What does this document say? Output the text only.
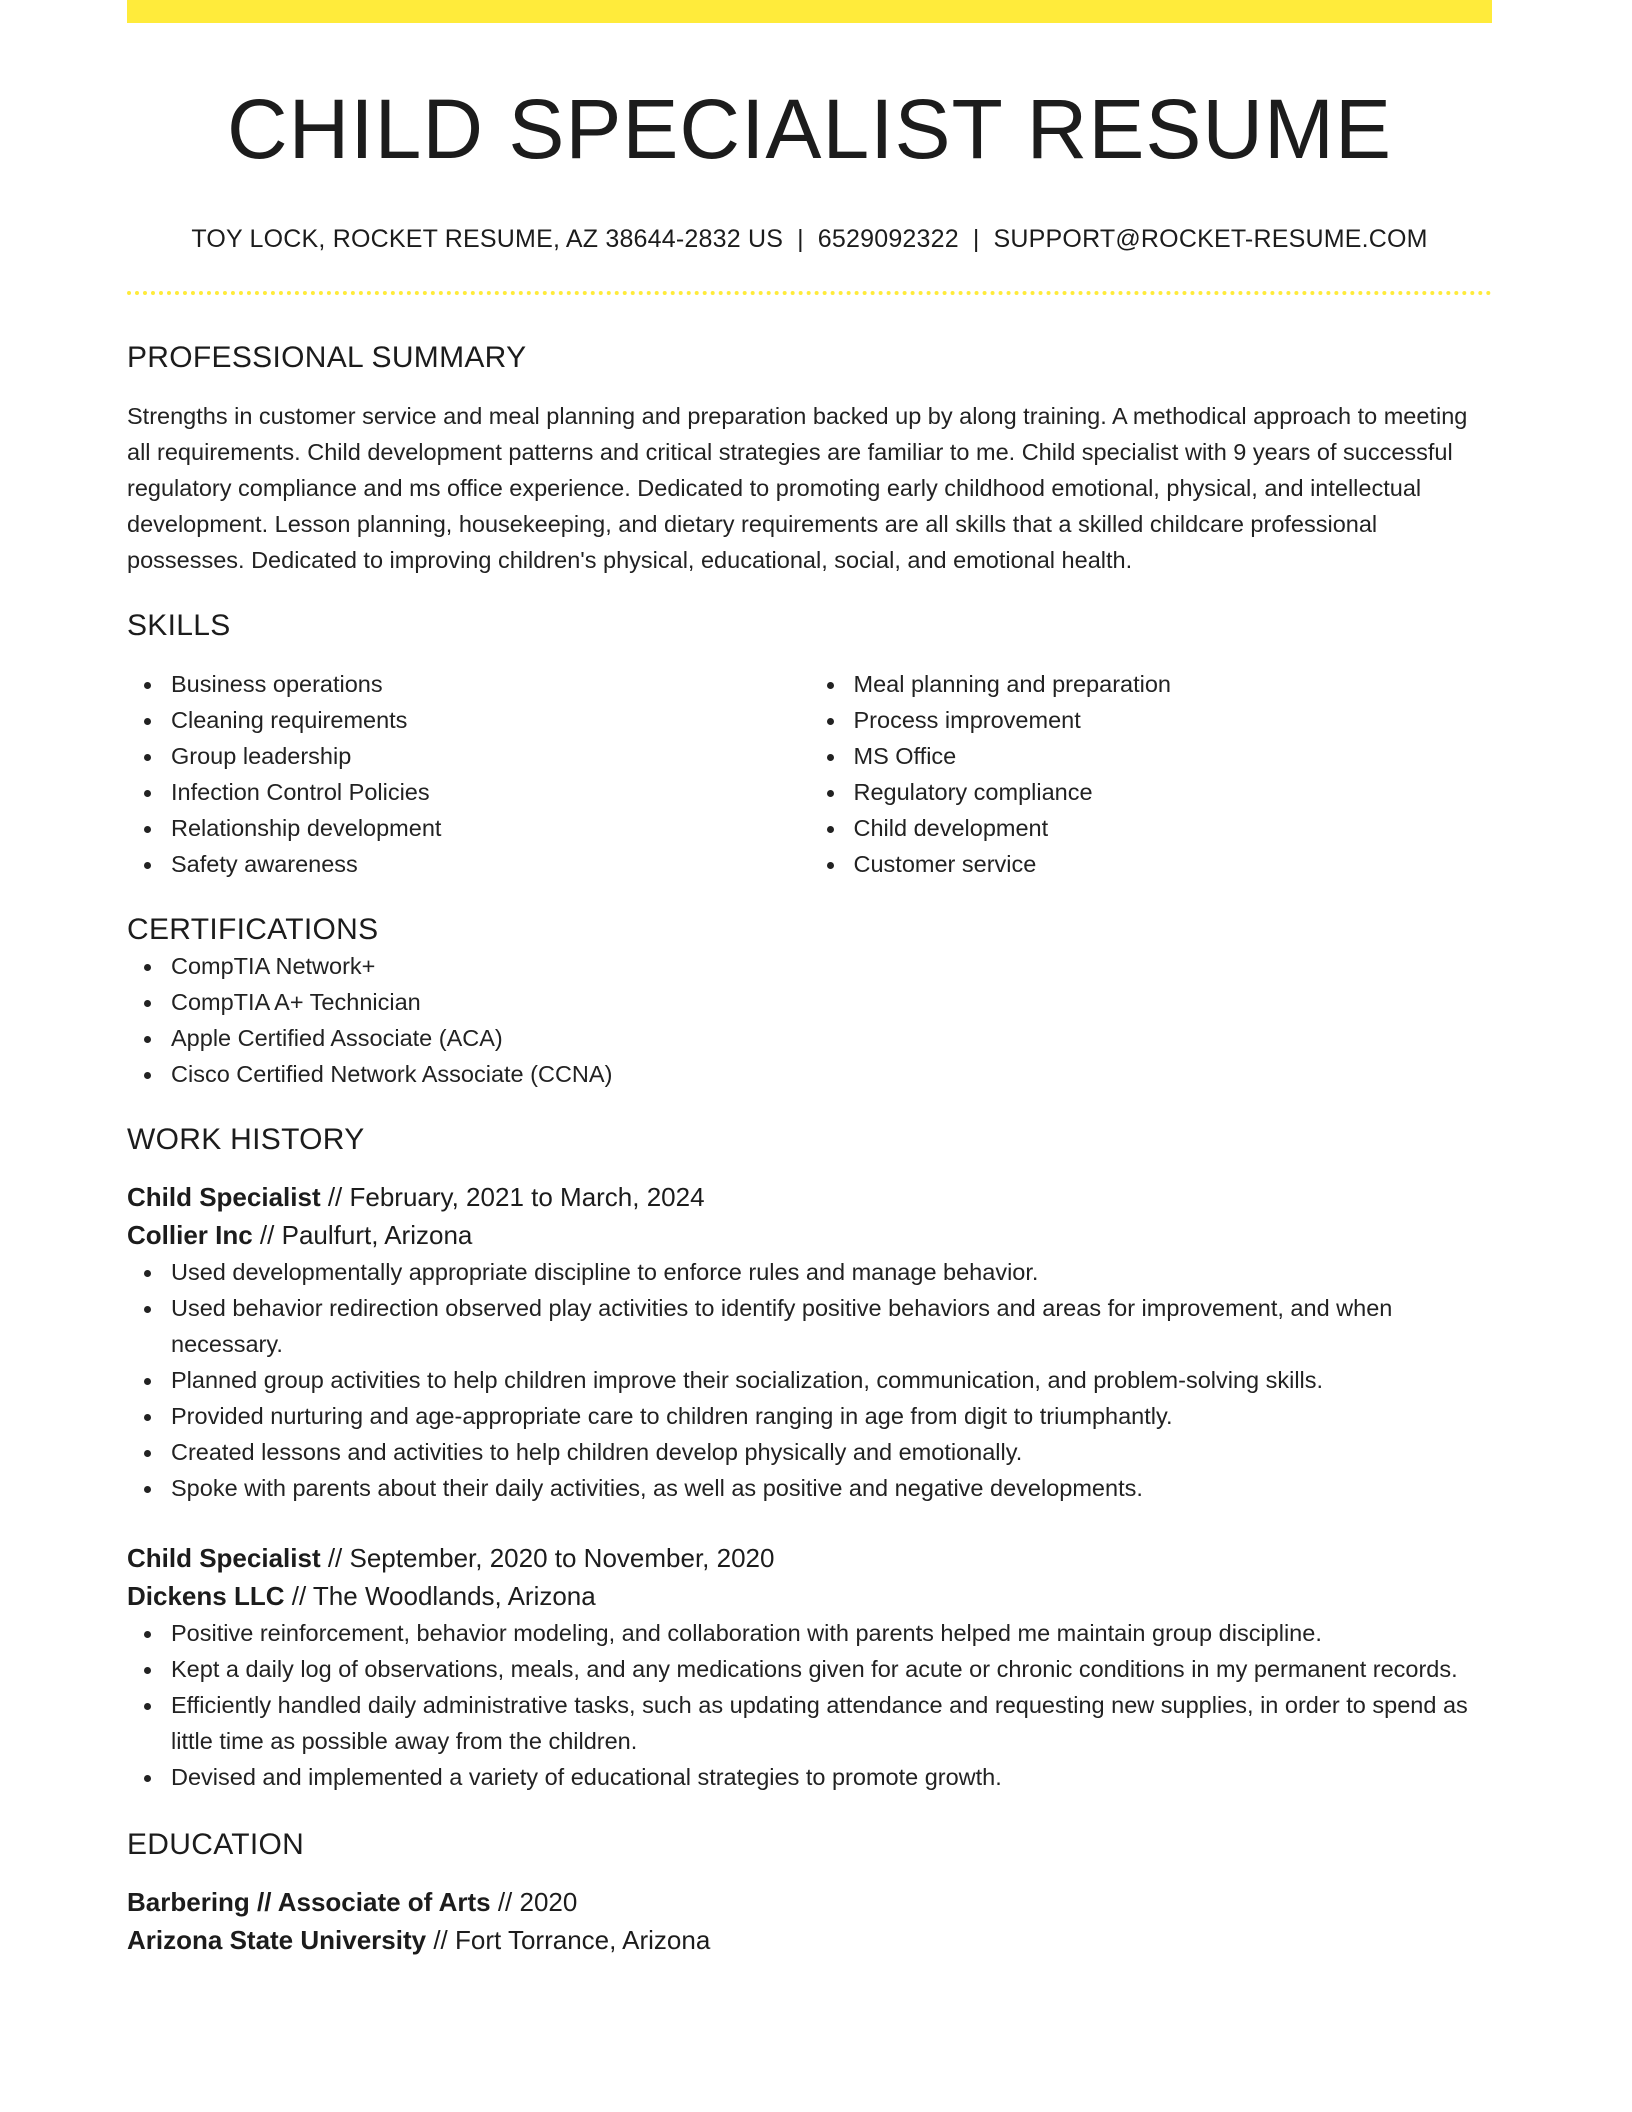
CHILD SPECIALIST RESUME
TOY LOCK, ROCKET RESUME, AZ 38644-2832 US | 6529092322 | SUPPORT@ROCKET-RESUME.COM
PROFESSIONAL SUMMARY
Strengths in customer service and meal planning and preparation backed up by along training. A methodical approach to meeting all requirements. Child development patterns and critical strategies are familiar to me. Child specialist with 9 years of successful regulatory compliance and ms office experience. Dedicated to promoting early childhood emotional, physical, and intellectual development. Lesson planning, housekeeping, and dietary requirements are all skills that a skilled childcare professional possesses. Dedicated to improving children's physical, educational, social, and emotional health.
SKILLS
Business operations
Cleaning requirements
Group leadership
Infection Control Policies
Relationship development
Safety awareness
Meal planning and preparation
Process improvement
MS Office
Regulatory compliance
Child development
Customer service
CERTIFICATIONS
CompTIA Network+
CompTIA A+ Technician
Apple Certified Associate (ACA)
Cisco Certified Network Associate (CCNA)
WORK HISTORY
Child Specialist // February, 2021 to March, 2024
Collier Inc // Paulfurt, Arizona
Used developmentally appropriate discipline to enforce rules and manage behavior.
Used behavior redirection observed play activities to identify positive behaviors and areas for improvement, and when necessary.
Planned group activities to help children improve their socialization, communication, and problem-solving skills.
Provided nurturing and age-appropriate care to children ranging in age from digit to triumphantly.
Created lessons and activities to help children develop physically and emotionally.
Spoke with parents about their daily activities, as well as positive and negative developments.
Child Specialist // September, 2020 to November, 2020
Dickens LLC // The Woodlands, Arizona
Positive reinforcement, behavior modeling, and collaboration with parents helped me maintain group discipline.
Kept a daily log of observations, meals, and any medications given for acute or chronic conditions in my permanent records.
Efficiently handled daily administrative tasks, such as updating attendance and requesting new supplies, in order to spend as little time as possible away from the children.
Devised and implemented a variety of educational strategies to promote growth.
EDUCATION
Barbering // Associate of Arts // 2020
Arizona State University // Fort Torrance, Arizona
